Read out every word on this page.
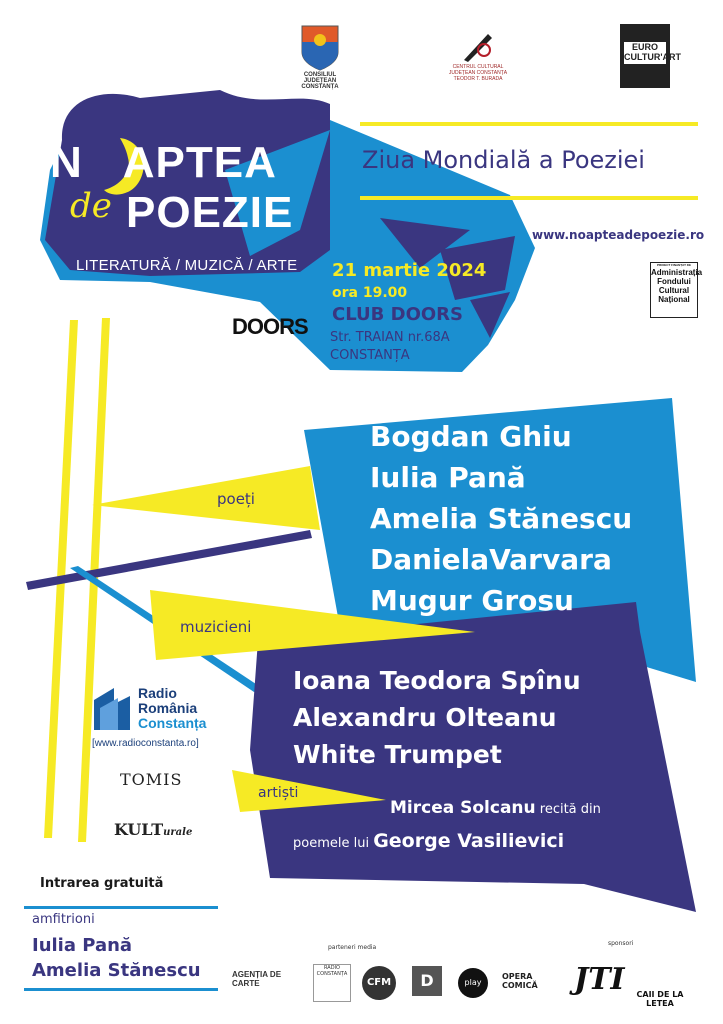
CONSILIUL JUDEȚEAN CONSTANȚA
CENTRUL CULTURAL JUDEȚEAN CONSTANȚA TEODOR T. BURADA
EURO CULTUR'ART
N APTEA
de POEZIE
LITERATURĂ / MUZICĂ / ARTE
Ziua Mondială a Poeziei
www.noapteadepoezie.ro
21 martie 2024
ora 19.00
CLUB DOORS
Str. TRAIAN nr.68A
CONSTANȚA
DOORS
PROIECT FINANȚAT DE
Administrația
Fondului
Cultural
Național
poeți
muzicieni
artiști
Bogdan Ghiu
Iulia Pană
Amelia Stănescu
DanielaVarvara
Mugur Grosu
Ioana Teodora Spînu
Alexandru Olteanu
White Trumpet
Mircea Solcanu recită din
poemele lui George Vasilievici
video art -Iulia Pană
Radio
România
Constanța
[www.radioconstanta.ro]
TOMIS
KULTurale
Intrarea gratuită
amfitrioni
Iulia Pană
Amelia Stănescu
parteneri media
AGENȚIA DE CARTE
RADIO CONSTANȚA
CFM	D	play
OPERA COMICĂ
sponsori
JTI	CAII DE LA LETEA
